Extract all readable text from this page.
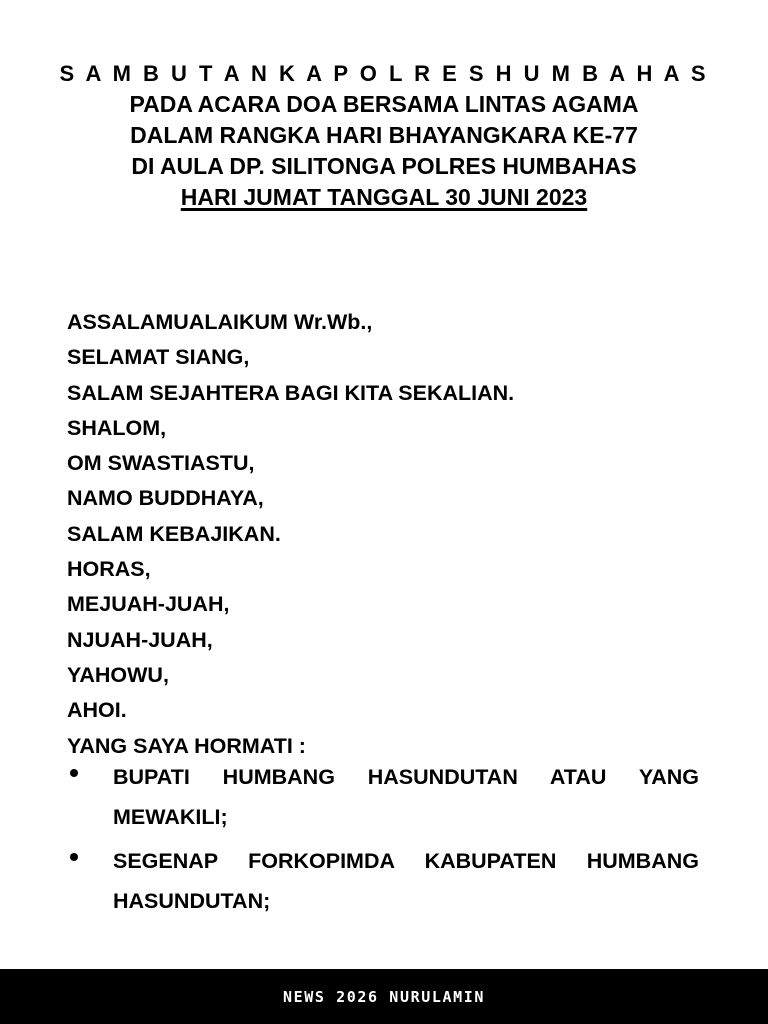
S A M B U T A N K A P O L R E S H U M B A H A S
PADA ACARA DOA BERSAMA LINTAS AGAMA
DALAM RANGKA HARI BHAYANGKARA KE-77
DI AULA DP. SILITONGA POLRES HUMBAHAS
HARI JUMAT TANGGAL 30 JUNI 2023
ASSALAMUALAIKUM Wr.Wb.,
SELAMAT SIANG,
SALAM SEJAHTERA BAGI KITA SEKALIAN.
SHALOM,
OM SWASTIASTU,
NAMO BUDDHAYA,
SALAM KEBAJIKAN.
HORAS,
MEJUAH-JUAH,
NJUAH-JUAH,
YAHOWU,
AHOI.
YANG SAYA HORMATI :
BUPATI HUMBANG HASUNDUTAN ATAU YANG MEWAKILI;
SEGENAP FORKOPIMDA KABUPATEN HUMBANG HASUNDUTAN;
NEWS 2026 NURULAMIN
